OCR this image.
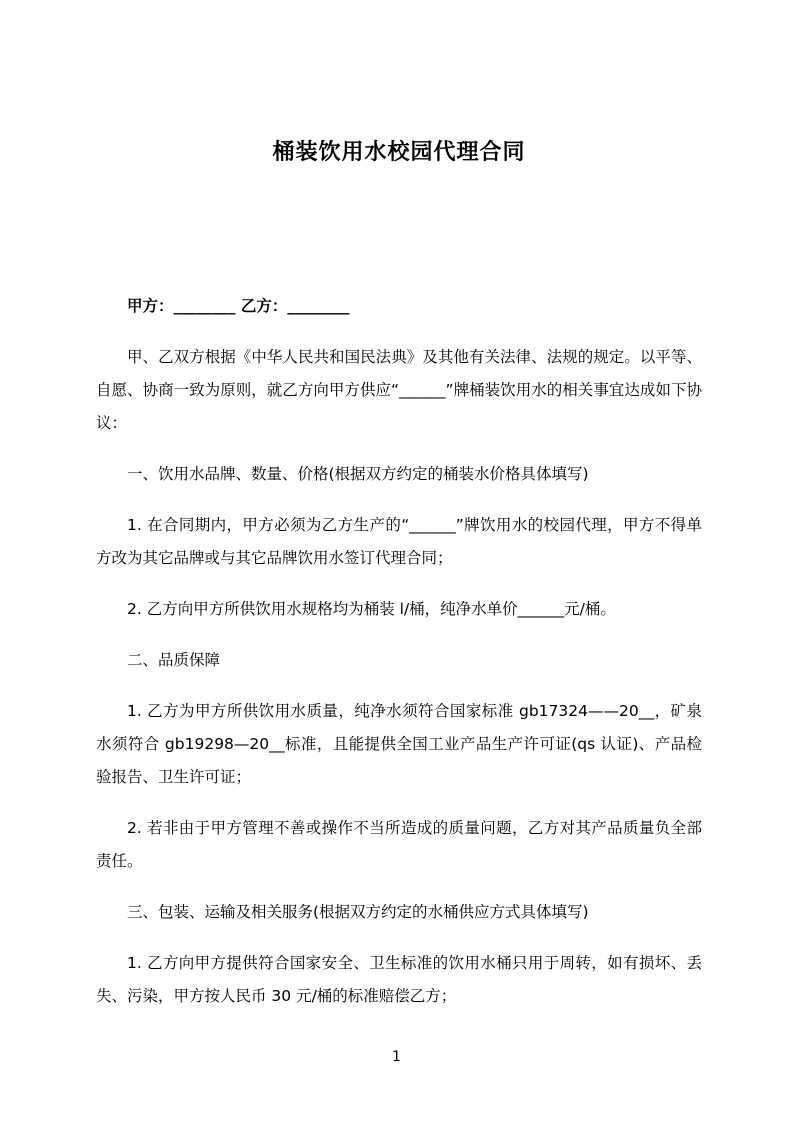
桶装饮用水校园代理合同

甲方：________ 乙方：________

甲、乙双方根据《中华人民共和国民法典》及其他有关法律、法规的规定。以平等、自愿、协商一致为原则，就乙方向甲方供应“______”牌桶装饮用水的相关事宜达成如下协议：

一、饮用水品牌、数量、价格(根据双方约定的桶装水价格具体填写)

1. 在合同期内，甲方必须为乙方生产的“______”牌饮用水的校园代理，甲方不得单方改为其它品牌或与其它品牌饮用水签订代理合同；

2. 乙方向甲方所供饮用水规格均为桶装 l/桶，纯净水单价______元/桶。

二、品质保障

1. 乙方为甲方所供饮用水质量，纯净水须符合国家标准 gb17324——20__，矿泉水须符合 gb19298—20__标准，且能提供全国工业产品生产许可证(qs 认证)、产品检验报告、卫生许可证；

2. 若非由于甲方管理不善或操作不当所造成的质量问题，乙方对其产品质量负全部责任。

三、包装、运输及相关服务(根据双方约定的水桶供应方式具体填写)

1. 乙方向甲方提供符合国家安全、卫生标准的饮用水桶只用于周转，如有损坏、丢失、污染，甲方按人民币 30 元/桶的标准赔偿乙方；

1
